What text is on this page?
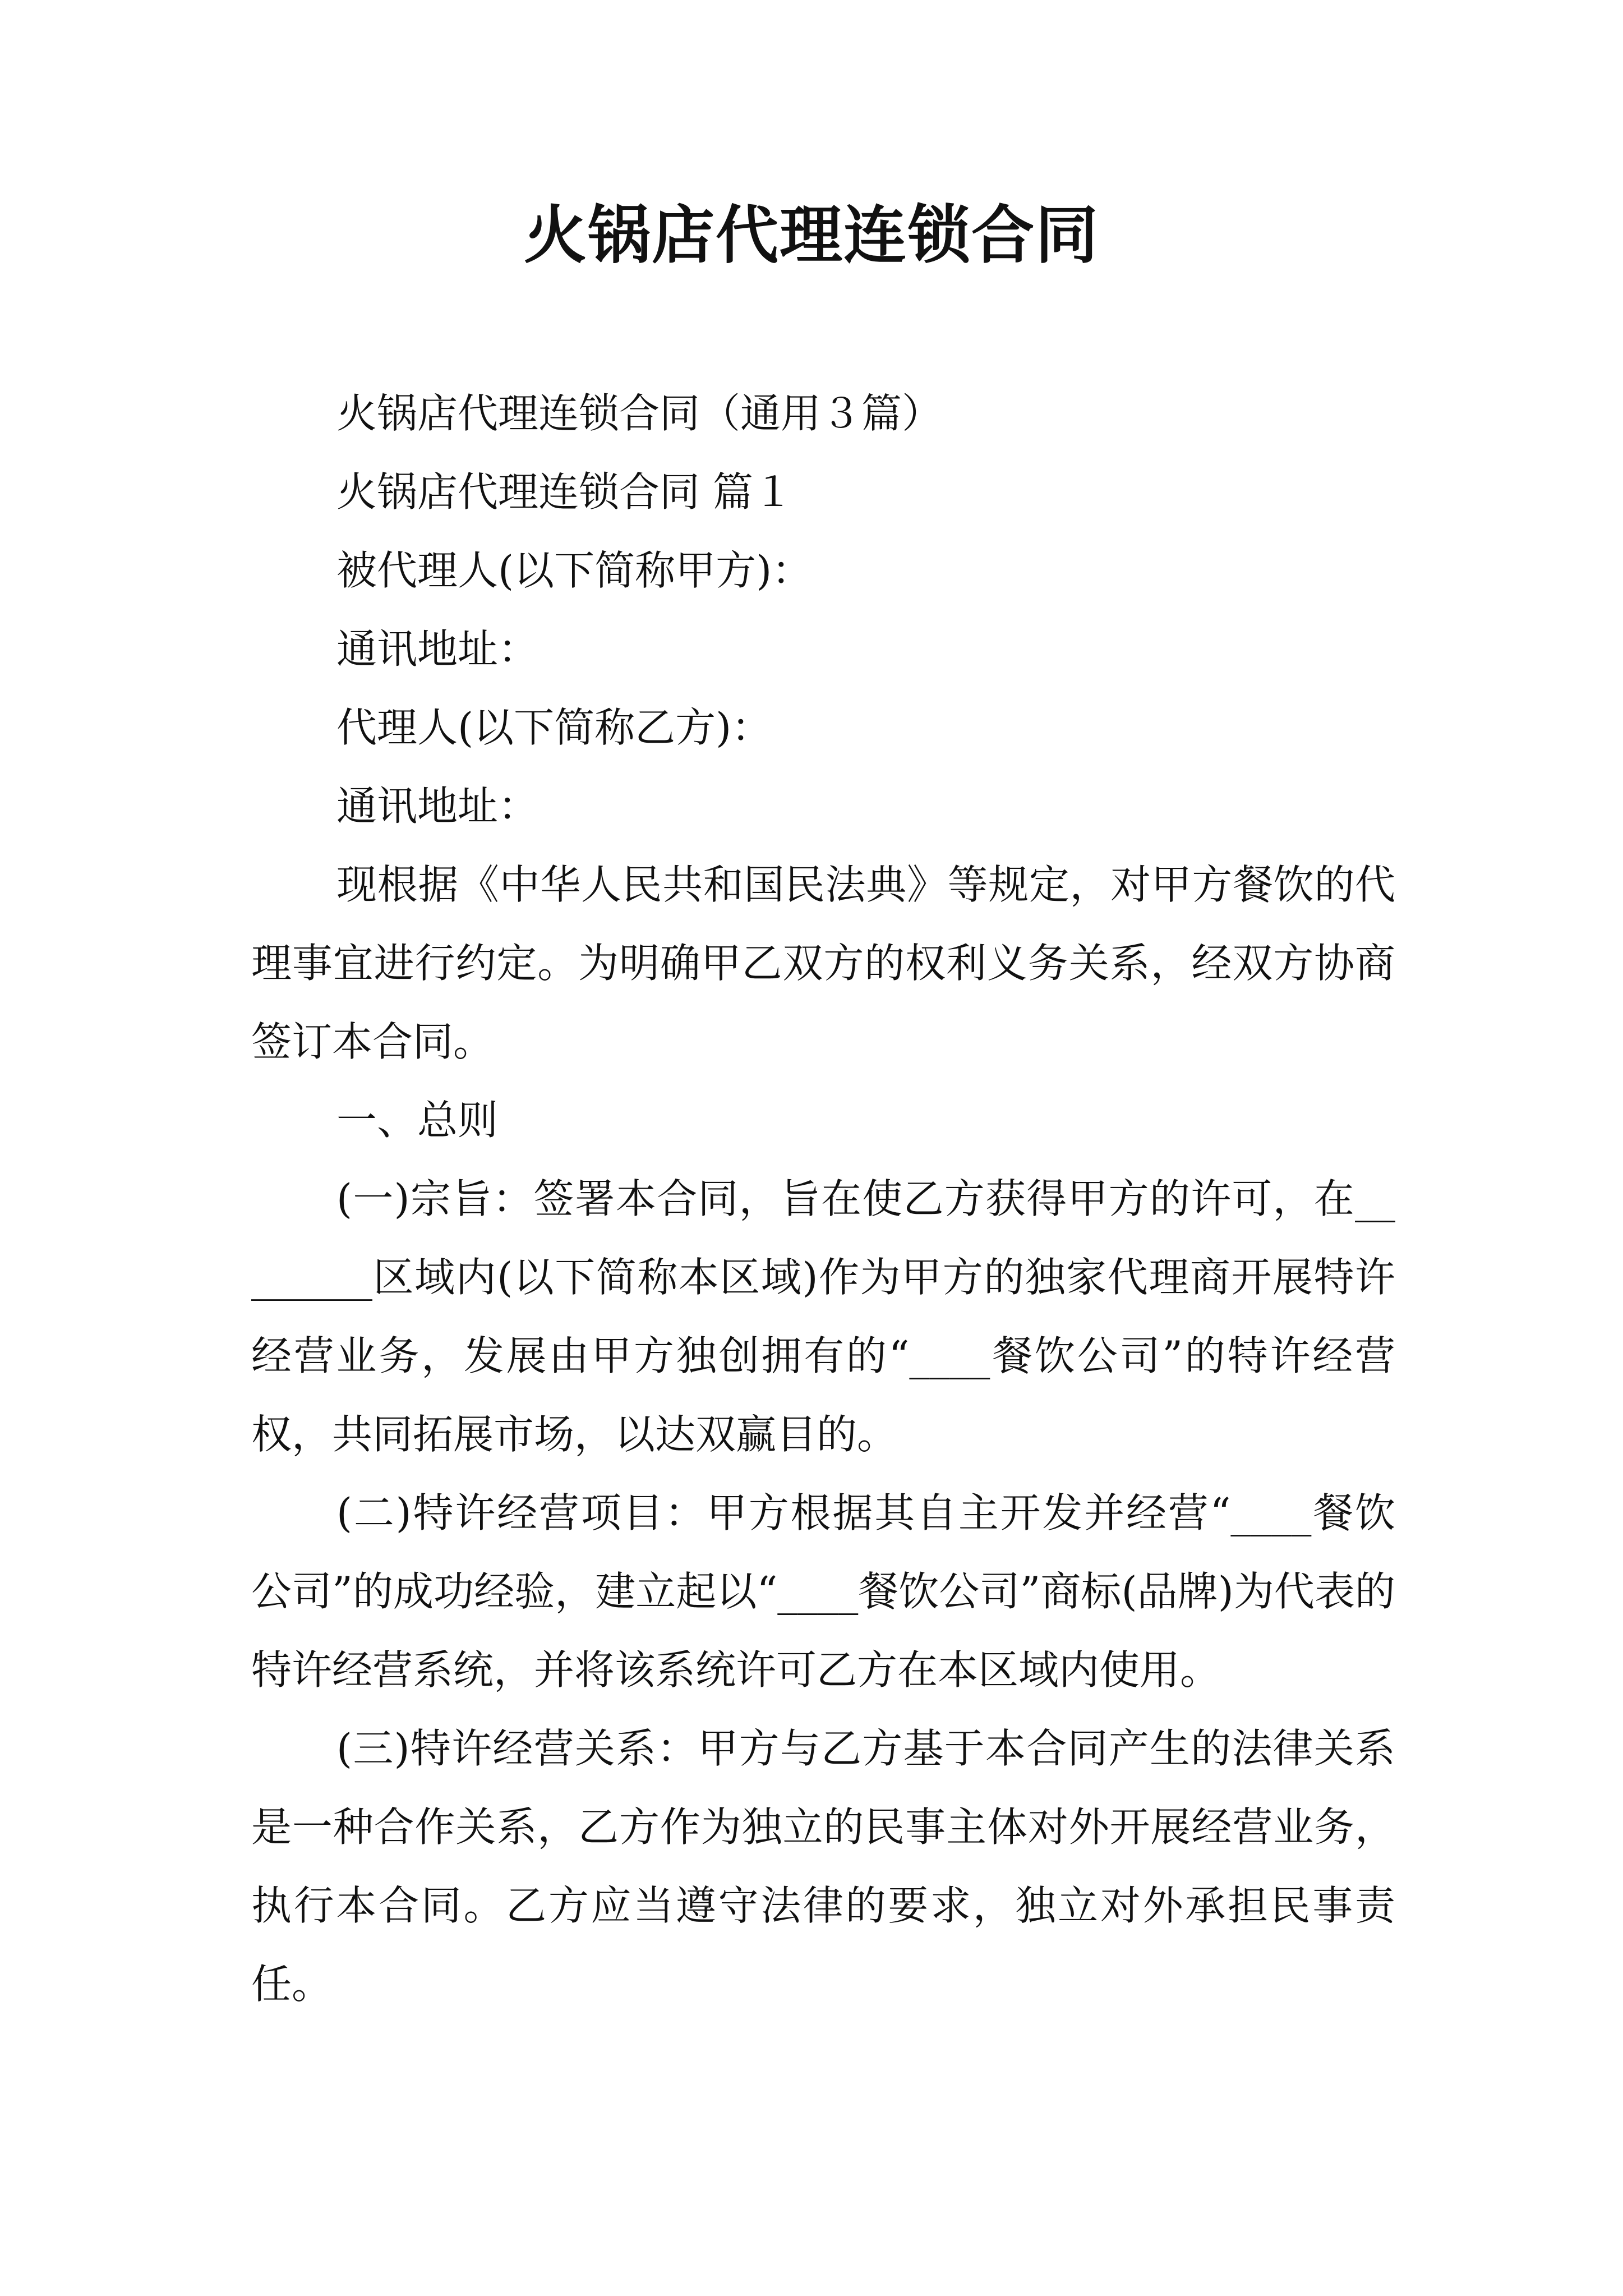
火锅店代理连锁合同

火锅店代理连锁合同（通用３篇）

火锅店代理连锁合同 篇１

被代理人(以下简称甲方)：

通讯地址：

代理人(以下简称乙方)：

通讯地址：

现根据《中华人民共和国民法典》等规定，对甲方餐饮的代理事宜进行约定。为明确甲乙双方的权利义务关系，经双方协商签订本合同。

一、总则

(一)宗旨：签署本合同，旨在使乙方获得甲方的许可，在________区域内(以下简称本区域)作为甲方的独家代理商开展特许经营业务，发展由甲方独创拥有的“____餐饮公司”的特许经营权，共同拓展市场，以达双赢目的。

(二)特许经营项目：甲方根据其自主开发并经营“____餐饮公司”的成功经验，建立起以“____餐饮公司”商标(品牌)为代表的特许经营系统，并将该系统许可乙方在本区域内使用。

(三)特许经营关系：甲方与乙方基于本合同产生的法律关系是一种合作关系，乙方作为独立的民事主体对外开展经营业务，执行本合同。乙方应当遵守法律的要求，独立对外承担民事责任。
